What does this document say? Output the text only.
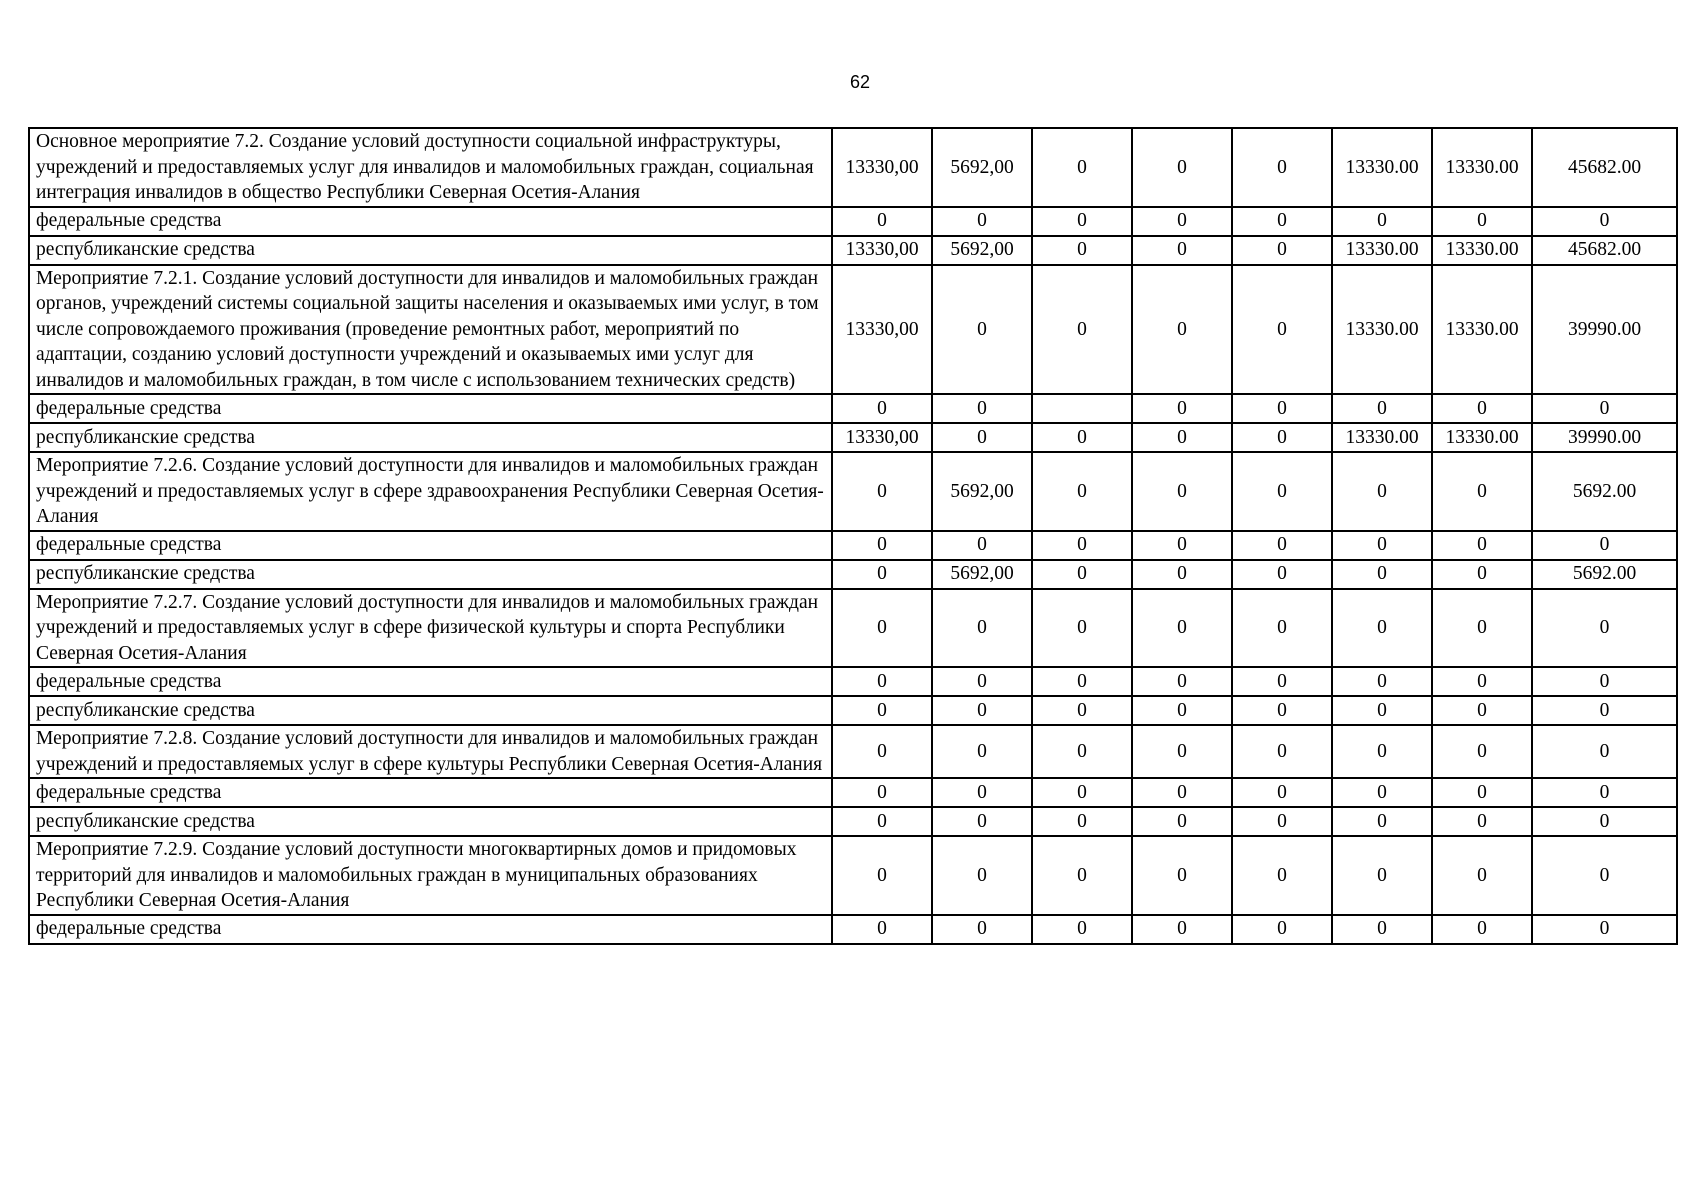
62
Основное мероприятие 7.2. Создание условий доступности социальной инфраструктуры, учреждений и предоставляемых услуг для инвалидов и маломобильных граждан, социальная интеграция инвалидов в общество Республики Северная Осетия-Алания	13330,00	5692,00	0	0	0	13330.00	13330.00	45682.00
федеральные средства	0	0	0	0	0	0	0	0
республиканские средства	13330,00	5692,00	0	0	0	13330.00	13330.00	45682.00
Мероприятие 7.2.1. Создание условий доступности для инвалидов и маломобильных граждан органов, учреждений системы социальной защиты населения и оказываемых ими услуг, в том числе сопровождаемого проживания (проведение ремонтных работ, мероприятий по адаптации, созданию условий доступности учреждений и оказываемых ими услуг для инвалидов и маломобильных граждан, в том числе с использованием технических средств)	13330,00	0	0	0	0	13330.00	13330.00	39990.00
федеральные средства	0	0		0	0	0	0	0
республиканские средства	13330,00	0	0	0	0	13330.00	13330.00	39990.00
Мероприятие 7.2.6. Создание условий доступности для инвалидов и маломобильных граждан учреждений и предоставляемых услуг в сфере здравоохранения Республики Северная Осетия-Алания	0	5692,00	0	0	0	0	0	5692.00
федеральные средства	0	0	0	0	0	0	0	0
республиканские средства	0	5692,00	0	0	0	0	0	5692.00
Мероприятие 7.2.7. Создание условий доступности для инвалидов и маломобильных граждан учреждений и предоставляемых услуг в сфере физической культуры и спорта Республики Северная Осетия-Алания	0	0	0	0	0	0	0	0
федеральные средства	0	0	0	0	0	0	0	0
республиканские средства	0	0	0	0	0	0	0	0
Мероприятие 7.2.8. Создание условий доступности для инвалидов и маломобильных граждан учреждений и предоставляемых услуг в сфере культуры Республики Северная Осетия-Алания	0	0	0	0	0	0	0	0
федеральные средства	0	0	0	0	0	0	0	0
республиканские средства	0	0	0	0	0	0	0	0
Мероприятие 7.2.9. Создание условий доступности многоквартирных домов и придомовых территорий для инвалидов и маломобильных граждан в муниципальных образованиях Республики Северная Осетия-Алания	0	0	0	0	0	0	0	0
федеральные средства	0	0	0	0	0	0	0	0
